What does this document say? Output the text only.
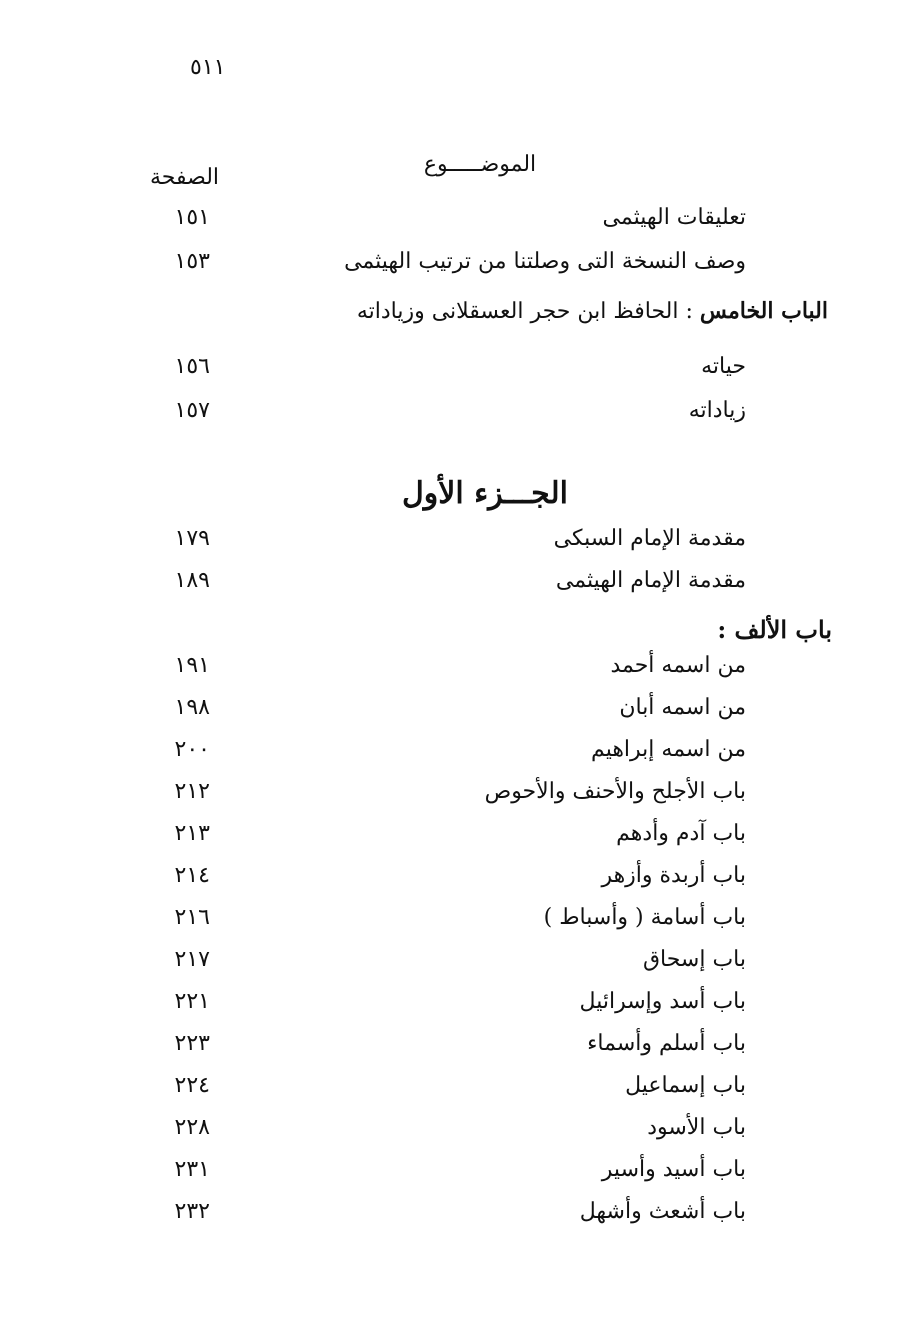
٥١١
الموضـــــوع
الصفحة
تعليقات الهيثمى
١٥١
وصف النسخة التى وصلتنا من ترتيب الهيثمى
١٥٣
الباب الخامس : الحافظ ابن حجر العسقلانى وزياداته
حياته
١٥٦
زياداته
١٥٧
الجـــزء الأول
مقدمة الإمام السبكى
١٧٩
مقدمة الإمام الهيثمى
١٨٩
باب الألف :
من اسمه أحمد
١٩١
من اسمه أبان
١٩٨
من اسمه إبراهيم
٢٠٠
باب الأجلح والأحنف والأحوص
٢١٢
باب آدم وأدهم
٢١٣
باب أربدة وأزهر
٢١٤
باب أسامة ( وأسباط )
٢١٦
باب إسحاق
٢١٧
باب أسد وإسرائيل
٢٢١
باب أسلم وأسماء
٢٢٣
باب إسماعيل
٢٢٤
باب الأسود
٢٢٨
باب أسيد وأسير
٢٣١
باب أشعث وأشهل
٢٣٢
